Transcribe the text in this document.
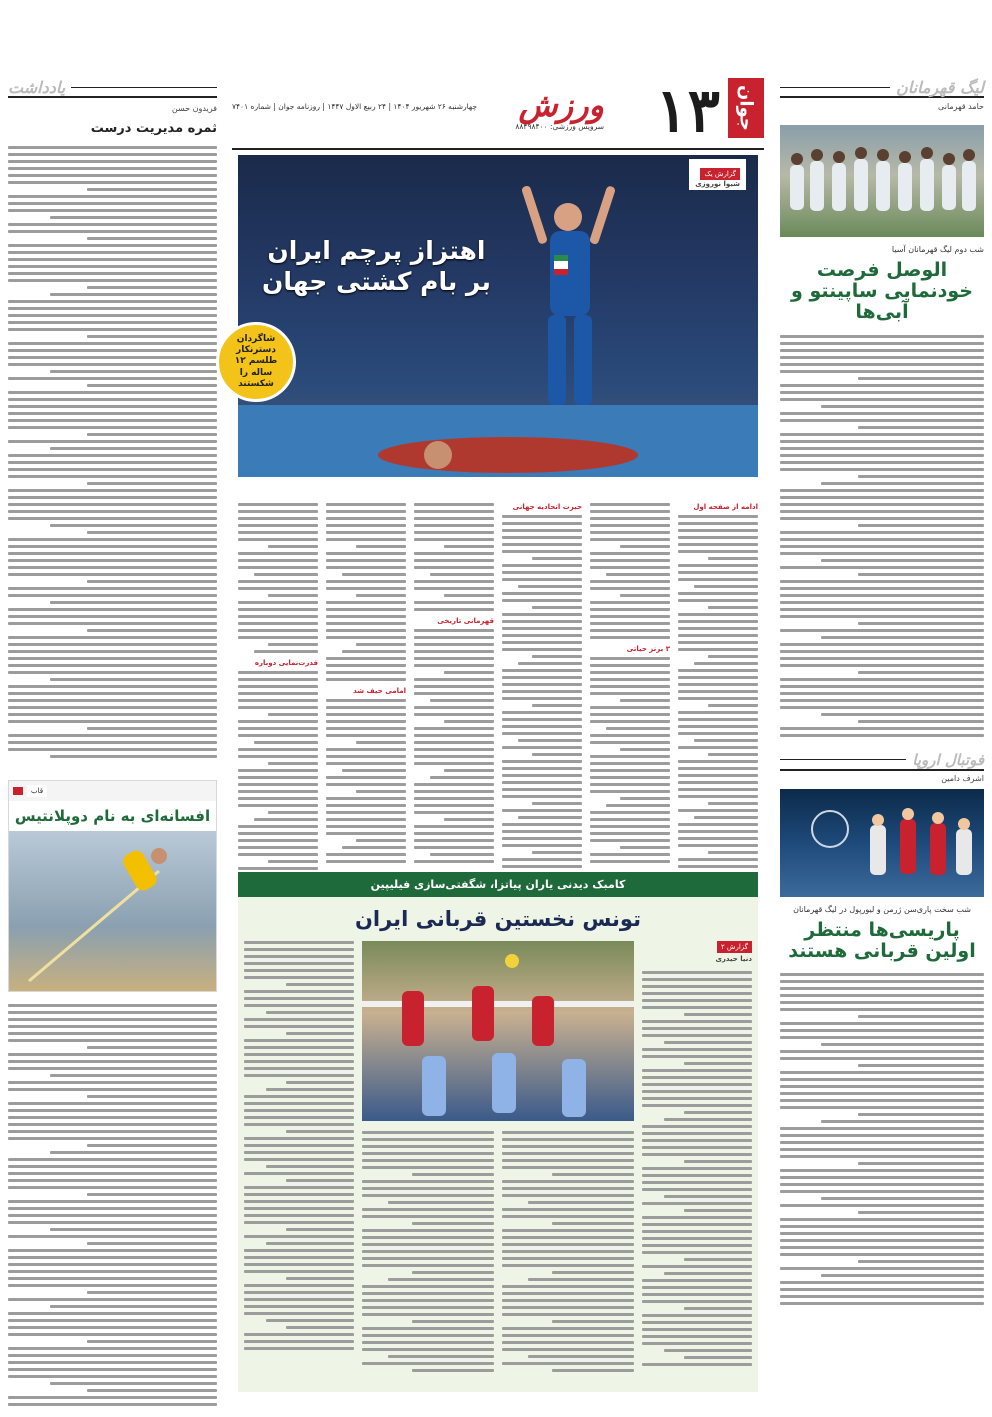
لیگ قهرمانان
حامد قهرمانی
شب دوم لیگ قهرمانان آسیا
الوصل فرصت خودنمایی ساپینتو و آبی‌ها
فوتبال اروپا
اشرف دامین
شب سخت پاری‌سن ژرمن و لیورپول در لیگ قهرمانان
پاریسی‌ها منتظر اولین قربانی هستند
یادداشت
فریدون حسن
ثمره مدیریت درست
قاب
افسانه‌ای به نام دوپلانتیس
جوان
۱۳
ورزش
چهارشنبه ۲۶ شهریور ۱۴۰۴ | ۲۴ ربیع الاول ۱۴۴۷ | روزنامه جوان | شماره ۷۴۰۱
سرویس ورزشی: ۸۸۴۹۸۴۰۰
گزارش یک
شیوا نوروزی
اهتزاز پرچم ایران
بر بام کشتی جهان
شاگردان دسترنکار طلسم ۱۲ ساله را شکستند
ادامه از صفحه اول
۳ برنز حیاتی
حیرت اتحادیه جهانی
قهرمانی تاریخی
امامی حیف شد
قدرت‌نمایی دوباره
کامبک دیدنی یاران پیاتزا، شگفتی‌سازی فیلیپین
تونس نخستین قربانی ایران
گزارش ۲
دنیا حیدری
